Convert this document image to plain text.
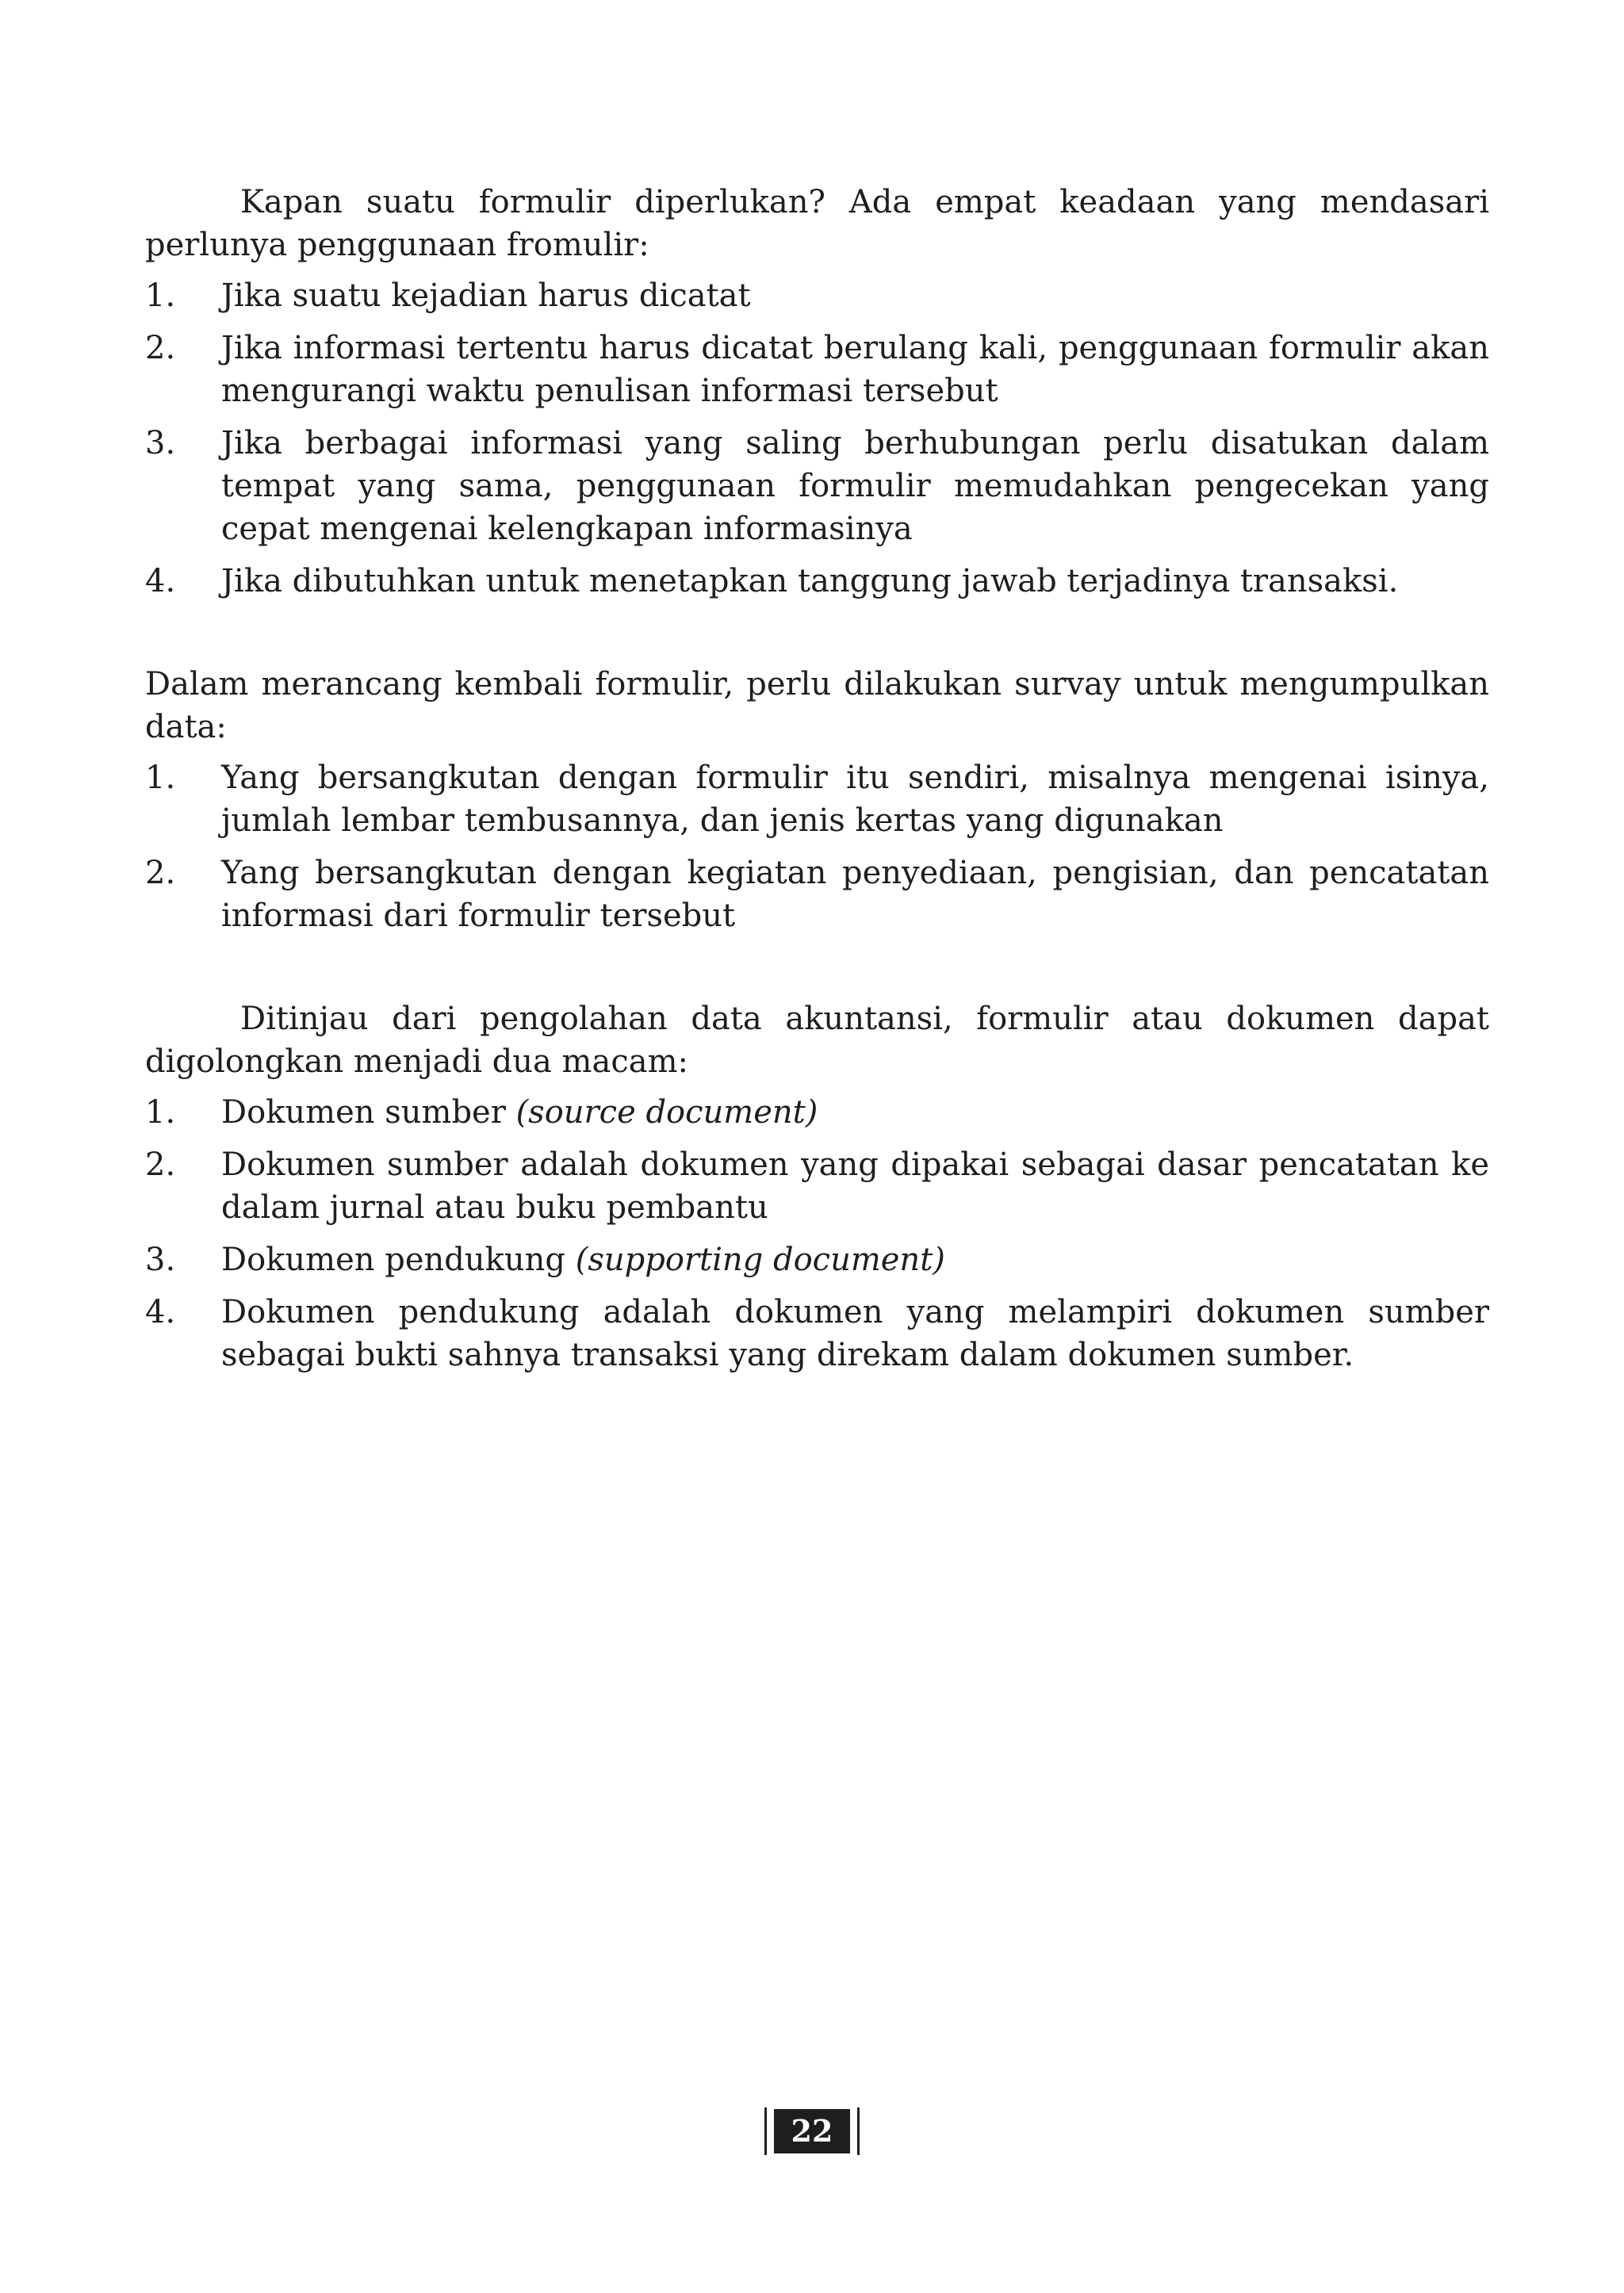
Kapan suatu formulir diperlukan? Ada empat keadaan yang mendasari perlunya penggunaan fromulir:

1.	Jika suatu kejadian harus dicatat
2.	Jika informasi tertentu harus dicatat berulang kali, penggunaan formulir akan mengurangi waktu penulisan informasi tersebut
3.	Jika berbagai informasi yang saling berhubungan perlu disatukan dalam tempat yang sama, penggunaan formulir memudahkan pengecekan yang cepat mengenai kelengkapan informasinya
4.	Jika dibutuhkan untuk menetapkan tanggung jawab terjadinya transaksi.

Dalam merancang kembali formulir, perlu dilakukan survay untuk mengumpulkan data:

1.	Yang bersangkutan dengan formulir itu sendiri, misalnya mengenai isinya, jumlah lembar tembusannya, dan jenis kertas yang digunakan
2.	Yang bersangkutan dengan kegiatan penyediaan, pengisian, dan pencatatan informasi dari formulir tersebut

Ditinjau dari pengolahan data akuntansi, formulir atau dokumen dapat digolongkan menjadi dua macam:

1.	Dokumen sumber (source document)
2.	Dokumen sumber adalah dokumen yang dipakai sebagai dasar pencatatan ke dalam jurnal atau buku pembantu
3.	Dokumen pendukung (supporting document)
4.	Dokumen pendukung adalah dokumen yang melampiri dokumen sumber sebagai bukti sahnya transaksi yang direkam dalam dokumen sumber.
22
